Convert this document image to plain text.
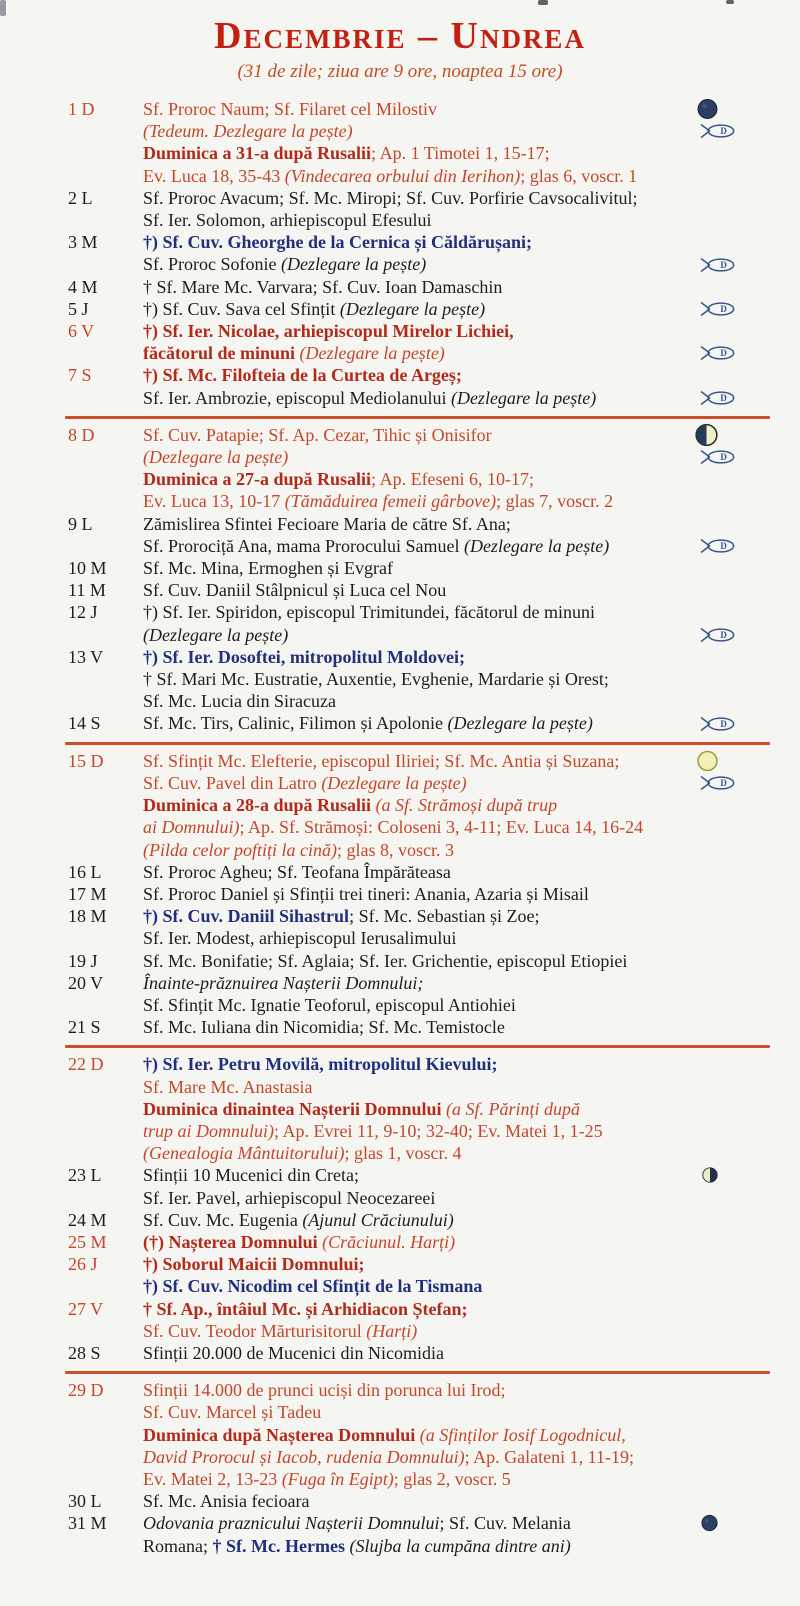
Decembrie – Undrea

(31 de zile; ziua are 9 ore, noaptea 15 ore)

1 D	Sf. Proroc Naum; Sf. Filaret cel Milostiv
(Tedeum. Dezlegare la pește)	D
Duminica a 31-a după Rusalii; Ap. 1 Timotei 1, 15-17;
Ev. Luca 18, 35-43 (Vindecarea orbului din Ierihon); glas 6, voscr. 1
2 L	Sf. Proroc Avacum; Sf. Mc. Miropi; Sf. Cuv. Porfirie Cavsocalivitul;
Sf. Ier. Solomon, arhiepiscopul Efesului
3 M	†) Sf. Cuv. Gheorghe de la Cernica și Căldărușani;
Sf. Proroc Sofonie (Dezlegare la pește)	D
4 M	† Sf. Mare Mc. Varvara; Sf. Cuv. Ioan Damaschin
5 J	†) Sf. Cuv. Sava cel Sfințit (Dezlegare la pește)	D
6 V	†) Sf. Ier. Nicolae, arhiepiscopul Mirelor Lichiei,
făcătorul de minuni (Dezlegare la pește)	D
7 S	†) Sf. Mc. Filofteia de la Curtea de Argeș;
Sf. Ier. Ambrozie, episcopul Mediolanului (Dezlegare la pește)	D
8 D	Sf. Cuv. Patapie; Sf. Ap. Cezar, Tihic și Onisifor
(Dezlegare la pește)	D
Duminica a 27-a după Rusalii; Ap. Efeseni 6, 10-17;
Ev. Luca 13, 10-17 (Tămăduirea femeii gârbove); glas 7, voscr. 2
9 L	Zămislirea Sfintei Fecioare Maria de către Sf. Ana;
Sf. Prorociță Ana, mama Prorocului Samuel (Dezlegare la pește)	D
10 M	Sf. Mc. Mina, Ermoghen și Evgraf
11 M	Sf. Cuv. Daniil Stâlpnicul și Luca cel Nou
12 J	†) Sf. Ier. Spiridon, episcopul Trimitundei, făcătorul de minuni
(Dezlegare la pește)	D
13 V	†) Sf. Ier. Dosoftei, mitropolitul Moldovei;
† Sf. Mari Mc. Eustratie, Auxentie, Evghenie, Mardarie și Orest;
Sf. Mc. Lucia din Siracuza
14 S	Sf. Mc. Tirs, Calinic, Filimon și Apolonie (Dezlegare la pește)	D
15 D	Sf. Sfințit Mc. Elefterie, episcopul Iliriei; Sf. Mc. Antia și Suzana;
Sf. Cuv. Pavel din Latro (Dezlegare la pește)	D
Duminica a 28-a după Rusalii (a Sf. Strămoși după trup
ai Domnului); Ap. Sf. Strămoși: Coloseni 3, 4-11; Ev. Luca 14, 16-24
(Pilda celor poftiți la cină); glas 8, voscr. 3
16 L	Sf. Proroc Agheu; Sf. Teofana Împărăteasa
17 M	Sf. Proroc Daniel și Sfinții trei tineri: Anania, Azaria și Misail
18 M	†) Sf. Cuv. Daniil Sihastrul; Sf. Mc. Sebastian și Zoe;
Sf. Ier. Modest, arhiepiscopul Ierusalimului
19 J	Sf. Mc. Bonifatie; Sf. Aglaia; Sf. Ier. Grichentie, episcopul Etiopiei
20 V	Înainte-prăznuirea Nașterii Domnului;
Sf. Sfințit Mc. Ignatie Teoforul, episcopul Antiohiei
21 S	Sf. Mc. Iuliana din Nicomidia; Sf. Mc. Temistocle
22 D	†) Sf. Ier. Petru Movilă, mitropolitul Kievului;
Sf. Mare Mc. Anastasia
Duminica dinaintea Nașterii Domnului (a Sf. Părinți după
trup ai Domnului); Ap. Evrei 11, 9-10; 32-40; Ev. Matei 1, 1-25
(Genealogia Mântuitorului); glas 1, voscr. 4
23 L	Sfinții 10 Mucenici din Creta;
Sf. Ier. Pavel, arhiepiscopul Neocezareei
24 M	Sf. Cuv. Mc. Eugenia (Ajunul Crăciunului)
25 M	(†) Nașterea Domnului (Crăciunul. Harți)
26 J	†) Soborul Maicii Domnului;
†) Sf. Cuv. Nicodim cel Sfințit de la Tismana
27 V	† Sf. Ap., întâiul Mc. și Arhidiacon Ștefan;
Sf. Cuv. Teodor Mărturisitorul (Harți)
28 S	Sfinții 20.000 de Mucenici din Nicomidia
29 D	Sfinții 14.000 de prunci uciși din porunca lui Irod;
Sf. Cuv. Marcel și Tadeu
Duminica după Nașterea Domnului (a Sfinților Iosif Logodnicul,
David Prorocul și Iacob, rudenia Domnului); Ap. Galateni 1, 11-19;
Ev. Matei 2, 13-23 (Fuga în Egipt); glas 2, voscr. 5
30 L	Sf. Mc. Anisia fecioara
31 M	Odovania praznicului Nașterii Domnului; Sf. Cuv. Melania
Romana; † Sf. Mc. Hermes (Slujba la cumpăna dintre ani)
